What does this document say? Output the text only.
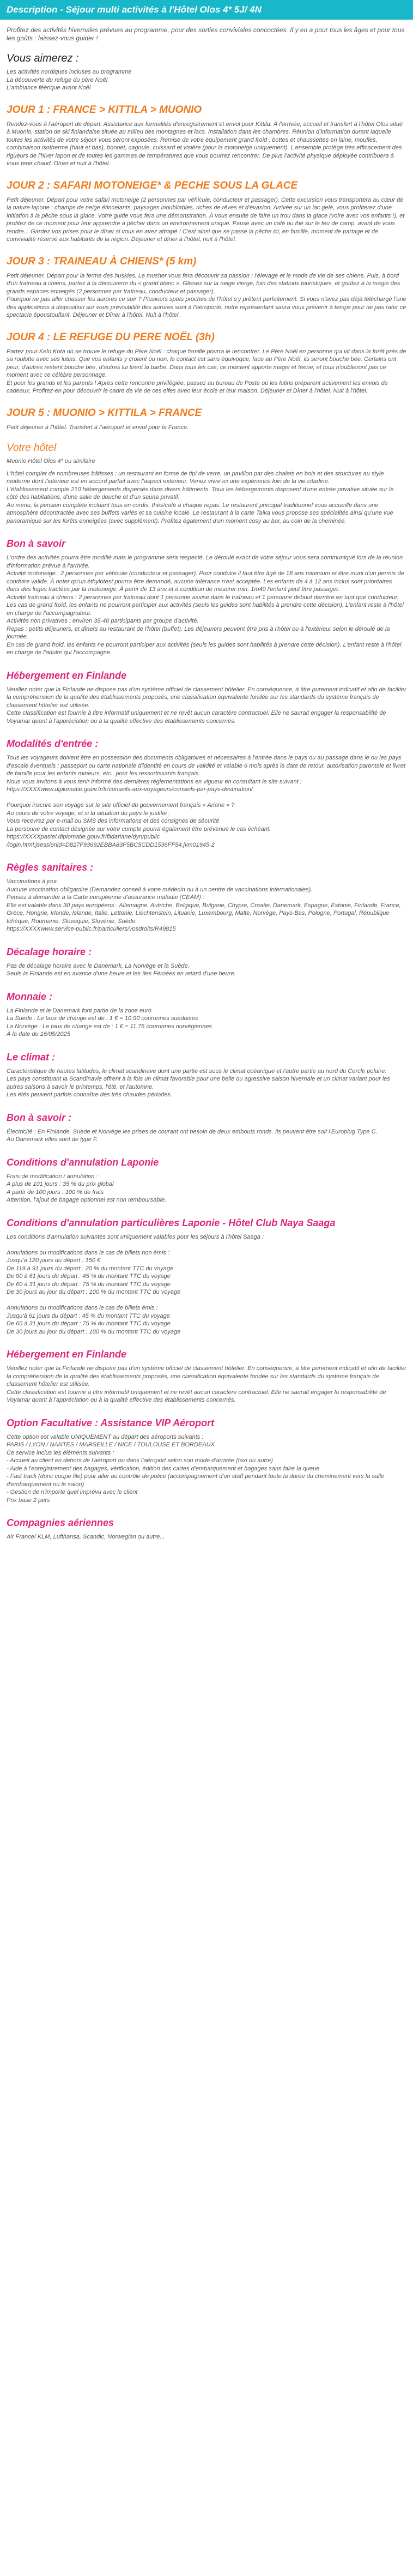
Description - Séjour multi activités à l'Hôtel Olos 4* 5J/ 4N

Profitez des activités hivernales prévues au programme, pour des sorties conviviales concoctées. Il y en a pour tous les âges et pour tous les goûts : laissez-vous guider !

Vous aimerez :

Les activités nordiques incluses au programme
La découverte du refuge du père Noël
L'ambiance féérique avant Noël

JOUR 1 : FRANCE > KITTILA > MUONIO

Rendez-vous à l'aéroport de départ. Assistance aux formalités d'enregistrement et envol pour Kittila. À l'arrivée, accueil et transfert à l'hôtel Olos situé à Muonio, station de ski finlandaise située au milieu des montagnes et lacs. Installation dans les chambres. Réunion d'information durant laquelle toutes les activités de votre séjour vous seront exposées. Remise de votre équipement grand froid : bottes et chaussettes en laine, moufles, combinaison isotherme (haut et bas), bonnet, cagoule, cuissard et visière (pour la motoneige uniquement). L'ensemble protège très efficacement des rigueurs de l'hiver lapon et de toutes les gammes de températures que vous pourrez rencontrer. De plus l'activité physique déployée contribuera à vous tenir chaud. Dîner et nuit à l'hôtel.

JOUR 2 : SAFARI MOTONEIGE* & PECHE SOUS LA GLACE

Petit déjeuner. Départ pour votre safari motoneige (2 personnes par véhicule, conducteur et passager). Cette excursion vous transportera au cœur de la nature lapone : champs de neige étincelants, paysages inoubliables, riches de rêves et d'évasion. Arrivée sur un lac gelé, vous profiterez d'une initiation à la pêche sous la glace. Votre guide vous fera une démonstration. À vous ensuite de faire un trou dans la glace (voire avec vos enfants !), et profitez de ce moment pour leur apprendre à pêcher dans un environnement unique. Pause avec un café ou thé sur le feu de camp, avant de vous rendre... Gardez vos prises pour le dîner si vous en avez attrapé ! C'est ainsi que se passe la pêche ici, en famille, moment de partage et de convivialité réservé aux habitants de la région. Déjeuner et dîner à l'hôtel, nuit à l'hôtel.

JOUR 3 : TRAINEAU À CHIENS* (5 km)

Petit déjeuner. Départ pour la ferme des huskies. Le musher vous fera découvrir sa passion : l'élevage et le mode de vie de ses chiens. Puis, à bord d'un traîneau à chiens, partez à la découverte du « grand blanc ». Glissez sur la neige vierge, loin des stations touristiques, et goûtez à la magie des grands espaces enneigés (2 personnes par traîneau, conducteur et passager).
Pourquoi ne pas aller chasser les aurores ce soir ? Plusieurs spots proches de l'hôtel s'y prêtent parfaitement. Si vous n'avez pas déjà téléchargé l'une des applications à disposition sur vous prévisibilité des aurores sont à l'aéroporté, notre représentant saura vous prévenir à temps pour ne pas rater ce spectacle époustouflant. Déjeuner et Dîner à l'hôtel. Nuit à l'hôtel.

JOUR 4 : LE REFUGE DU PERE NOËL (3h)

Partez pour Kelo Kota où se trouve le refuge du Père Noël : chaque famille pourra le rencontrer. Le Père Noël en personne qui vit dans la forêt près de sa roulotte avec ses lutins. Que vos enfants y croient ou non, le contact est sans équivoque, face au Père Noël, ils seront bouche bée. Certains ont peur, d'autres restent bouche bée, d'autres lui tirent la barbe. Dans tous les cas, ce moment apporte magie et féérie, et tous n'oublieront pas ce moment avec ce célèbre personnage.
Et pour les grands et les parents ! Après cette rencontre privilégiée, passez au bureau de Poste où les lutins préparent activement les envois de cadeaux. Profitez-en pour découvrir le cadre de vie de ces elfes avec leur école et leur maison. Déjeuner et Dîner à l'hôtel. Nuit à l'hôtel.

JOUR 5 : MUONIO > KITTILA > FRANCE

Petit déjeuner à l'hôtel. Transfert à l'aéroport et envol pour la France.

Votre hôtel

Muonio Hôtel Olos 4* ou similaire

L'hôtel complet de nombreuses bâtisses : un restaurant en forme de tipi de verre, un pavillon par des chalets en bois et des structures au style moderne dont l'intérieur est en accord parfait avec l'aspect extérieur. Venez vivre ici une expérience loin de la vie citadine.
L'établissement compte 210 hébergements dispersés dans divers bâtiments. Tous les hébergements disposent d'une entrée privative située sur le côté des habitations, d'une salle de douche et d'un sauna privatif.
Au menu, la pension complète incluant tous en cordis, thés/café à chaque repas. Le restaurant principal traditionnel vous accueille dans une atmosphère décontractée avec ses buffets variés et sa cuisine locale. Le restaurant à la carte Taika vous propose ses spécialités ainsi qu'une vue panoramique sur les forêts enneigées (avec supplément). Profitez également d'un moment cosy au bar, au coin de la cheminée.

Bon à savoir

L'ordre des activités pourra être modifié mais le programme sera respecté. Le déroulé exact de votre séjour vous sera communiqué lors de la réunion d'information prévue à l'arrivée.
Activité motoneige : 2 personnes par véhicule (conducteur et passager). Pour conduire il faut être âgé de 18 ans minimum et être muni d'un permis de conduire valide. À noter qu'un éthylotest pourra être demandé, aucune tolérance n'est acceptée. Les enfants de 4 à 12 ans inclus sont prioritaires dans des luges tractées par la motoneige. À partir de 13 ans et à condition de mesurer min. 1m40 l'enfant peut être passager.
Activité traîneau à chiens : 2 personnes par traîneau dont 1 personne assise dans le traîneau et 1 personne debout derrière en tant que conducteur.
Les cas de grand froid, les enfants ne pourront participer aux activités (seuls les guides sont habilités à prendre cette décision). L'enfant reste à l'hôtel en charge de l'accompagnateur.
Activités non privatives : environ 35-40 participants par groupe d'activité.
Repas : petits déjeuners, et dîners au restaurant de l'hôtel (buffet). Les déjeuners peuvent être pris à l'hôtel ou à l'extérieur selon le déroulé de la journée.
En cas de grand froid, les enfants ne pourront participer aux activités (seuls les guides sont habilités à prendre cette décision). L'enfant reste à l'hôtel en charge de l'adulte qui l'accompagne.

Hébergement en Finlande

Veuillez noter que la Finlande ne dispose pas d'un système officiel de classement hôtelier. En conséquence, à titre purement indicatif et afin de faciliter la compréhension de la qualité des établissements proposés, une classification équivalente fondée sur les standards du système français de classement hôtelier est utilisée.
Cette classification est fournie à titre informatif uniquement et ne revêt aucun caractère contractuel. Elle ne saurait engager la responsabilité de Voyamar quant à l'appréciation ou à la qualité effective des établissements concernés.

Modalités d'entrée :

Tous les voyageurs doivent être en possession des documents obligatoires et nécessaires à l'entrée dans le pays ou au passage dans le ou les pays d'escale éventuels : passeport ou carte nationale d'identité en cours de validité et valable 6 mois après la date de retour, autorisation parentale et livret de famille pour les enfants mineurs, etc., pour les ressortissants français.
Nous vous invitons à vous tenir informé des dernières réglementations en vigueur en consultant le site suivant : https://XXXXwww.diplomatie.gouv.fr/fr/conseils-aux-voyageurs/conseils-par-pays-destination/

Pourquoi inscrire son voyage sur le site officiel du gouvernement français « Ariane » ?
Au cours de votre voyage, et si la situation du pays le justifie :
Vous recevrez par e-mail ou SMS des informations et des consignes de sécurité
La personne de contact désignée sur votre compte pourra également être prévenue le cas échéant.
https://XXXXpastel.diplomatie.gouv.fr/fildariane/dyn/public
/login.html;jsessionid=D827F93692EBBA83F5BC5CDD1536FF54.jvm01945-2

Règles sanitaires :

Vaccinations à jour.
Aucune vaccination obligatoire (Demandez conseil à votre médecin ou à un centre de vaccinations internationales).
Pensez à demander à la Carte européenne d'assurance maladie (CEAM) :
Elle est valable dans 30 pays européens : Allemagne, Autriche, Belgique, Bulgarie, Chypre, Croatie, Danemark, Espagne, Estonie, Finlande, France, Grèce, Hongrie, Irlande, Islande, Italie, Lettonie, Liechtenstein, Lituanie, Luxembourg, Malte, Norvège, Pays-Bas, Pologne, Portugal, République tchèque, Roumanie, Slovaquie, Slovénie, Suède.
https://XXXXwww.service-public.fr/particuliers/vosdroits/R49815

Décalage horaire :

Pas de décalage horaire avec le Danemark, La Norvège et la Suède.
Seuls la Finlande est en avance d'une heure et les îles Féroées en retard d'une heure.

Monnaie :

La Finlande et le Danemark font partie de la zone euro
La Suède : Le taux de change est de : 1 € = 10.90 couronnes suédoises
La Norvège : Le taux de change est de : 1 € = 11.76 couronnes norvégiennes
À la date du 16/05/2025

Le climat :

Caractéristique de hautes latitudes, le climat scandinave dont une partie est sous le climat océanique et l'autre partie au nord du Cercle polaire.
Les pays constituant la Scandinavie offrent à la fois un climat favorable pour une belle ou agressive saison hivernale et un climat variant pour les autres saisons à savoir le printemps, l'été, et l'automne.
Les étés peuvent parfois connaître des très chaudes périodes.

Bon à savoir :

Électricité : En Finlande, Suède et Norvège les prises de courant ont besoin de deux embouts ronds. Ils peuvent être soit l'Europlug Type C.
Au Danemark elles sont de type F.

Conditions d'annulation Laponie

Frais de modification / annulation :
A plus de 101 jours : 35 % du prix global
A partir de 100 jours : 100 % de frais
Attention, l'ajout de bagage optionnel est non remboursable.

Conditions d'annulation particulières Laponie - Hôtel Club Naya Saaga

Les conditions d'annulation suivantes sont uniquement valables pour les séjours à l'hôtel Saaga :

Annulations ou modifications dans le cas de billets non émis :
Jusqu'à 120 jours du départ : 150 €
De 119 à 91 jours du départ : 20 % du montant TTC du voyage
De 90 à 61 jours du départ : 45 % du montant TTC du voyage
De 60 à 31 jours du départ : 75 % du montant TTC du voyage
De 30 jours au jour du départ : 100 % du montant TTC du voyage

Annulations ou modifications dans le cas de billets émis :
Jusqu'à 61 jours du départ : 45 % du montant TTC du voyage
De 60 à 31 jours du départ : 75 % du montant TTC du voyage
De 30 jours au jour du départ : 100 % du montant TTC du voyage

Hébergement en Finlande

Veuillez noter que la Finlande ne dispose pas d'un système officiel de classement hôtelier. En conséquence, à titre purement indicatif et afin de faciliter la compréhension de la qualité des établissements proposés, une classification équivalente fondée sur les standards du système français de classement hôtelier est utilisée.
Cette classification est fournie à titre informatif uniquement et ne revêt aucun caractère contractuel. Elle ne saurait engager la responsabilité de Voyamar quant à l'appréciation ou à la qualité effective des établissements concernés.

Option Facultative : Assistance VIP Aéroport

Cette option est valable UNIQUEMENT au départ des aéroports suivants :
PARIS / LYON / NANTES / MARSEILLE / NICE / TOULOUSE ET BORDEAUX
Ce service inclus les éléments suivants :
- Accueil au client en dehors de l'aéroport ou dans l'aéroport selon son mode d'arrivée (taxi ou autre)
- Aide à l'enregistrement des bagages, vérification, édition des cartes d'embarquement et bagages sans faire la queue
- Fast track (donc coupe file) pour aller au contrôle de police (accompagnement d'un staff pendant toute la durée du cheminement vers la salle d'embarquement ou le salon)
- Gestion de n'importe quel imprévu avec le client
Prix base 2 pers

Compagnies aériennes

Air France/ KLM, Lufthansa, Scandic, Norwegian ou autre...
